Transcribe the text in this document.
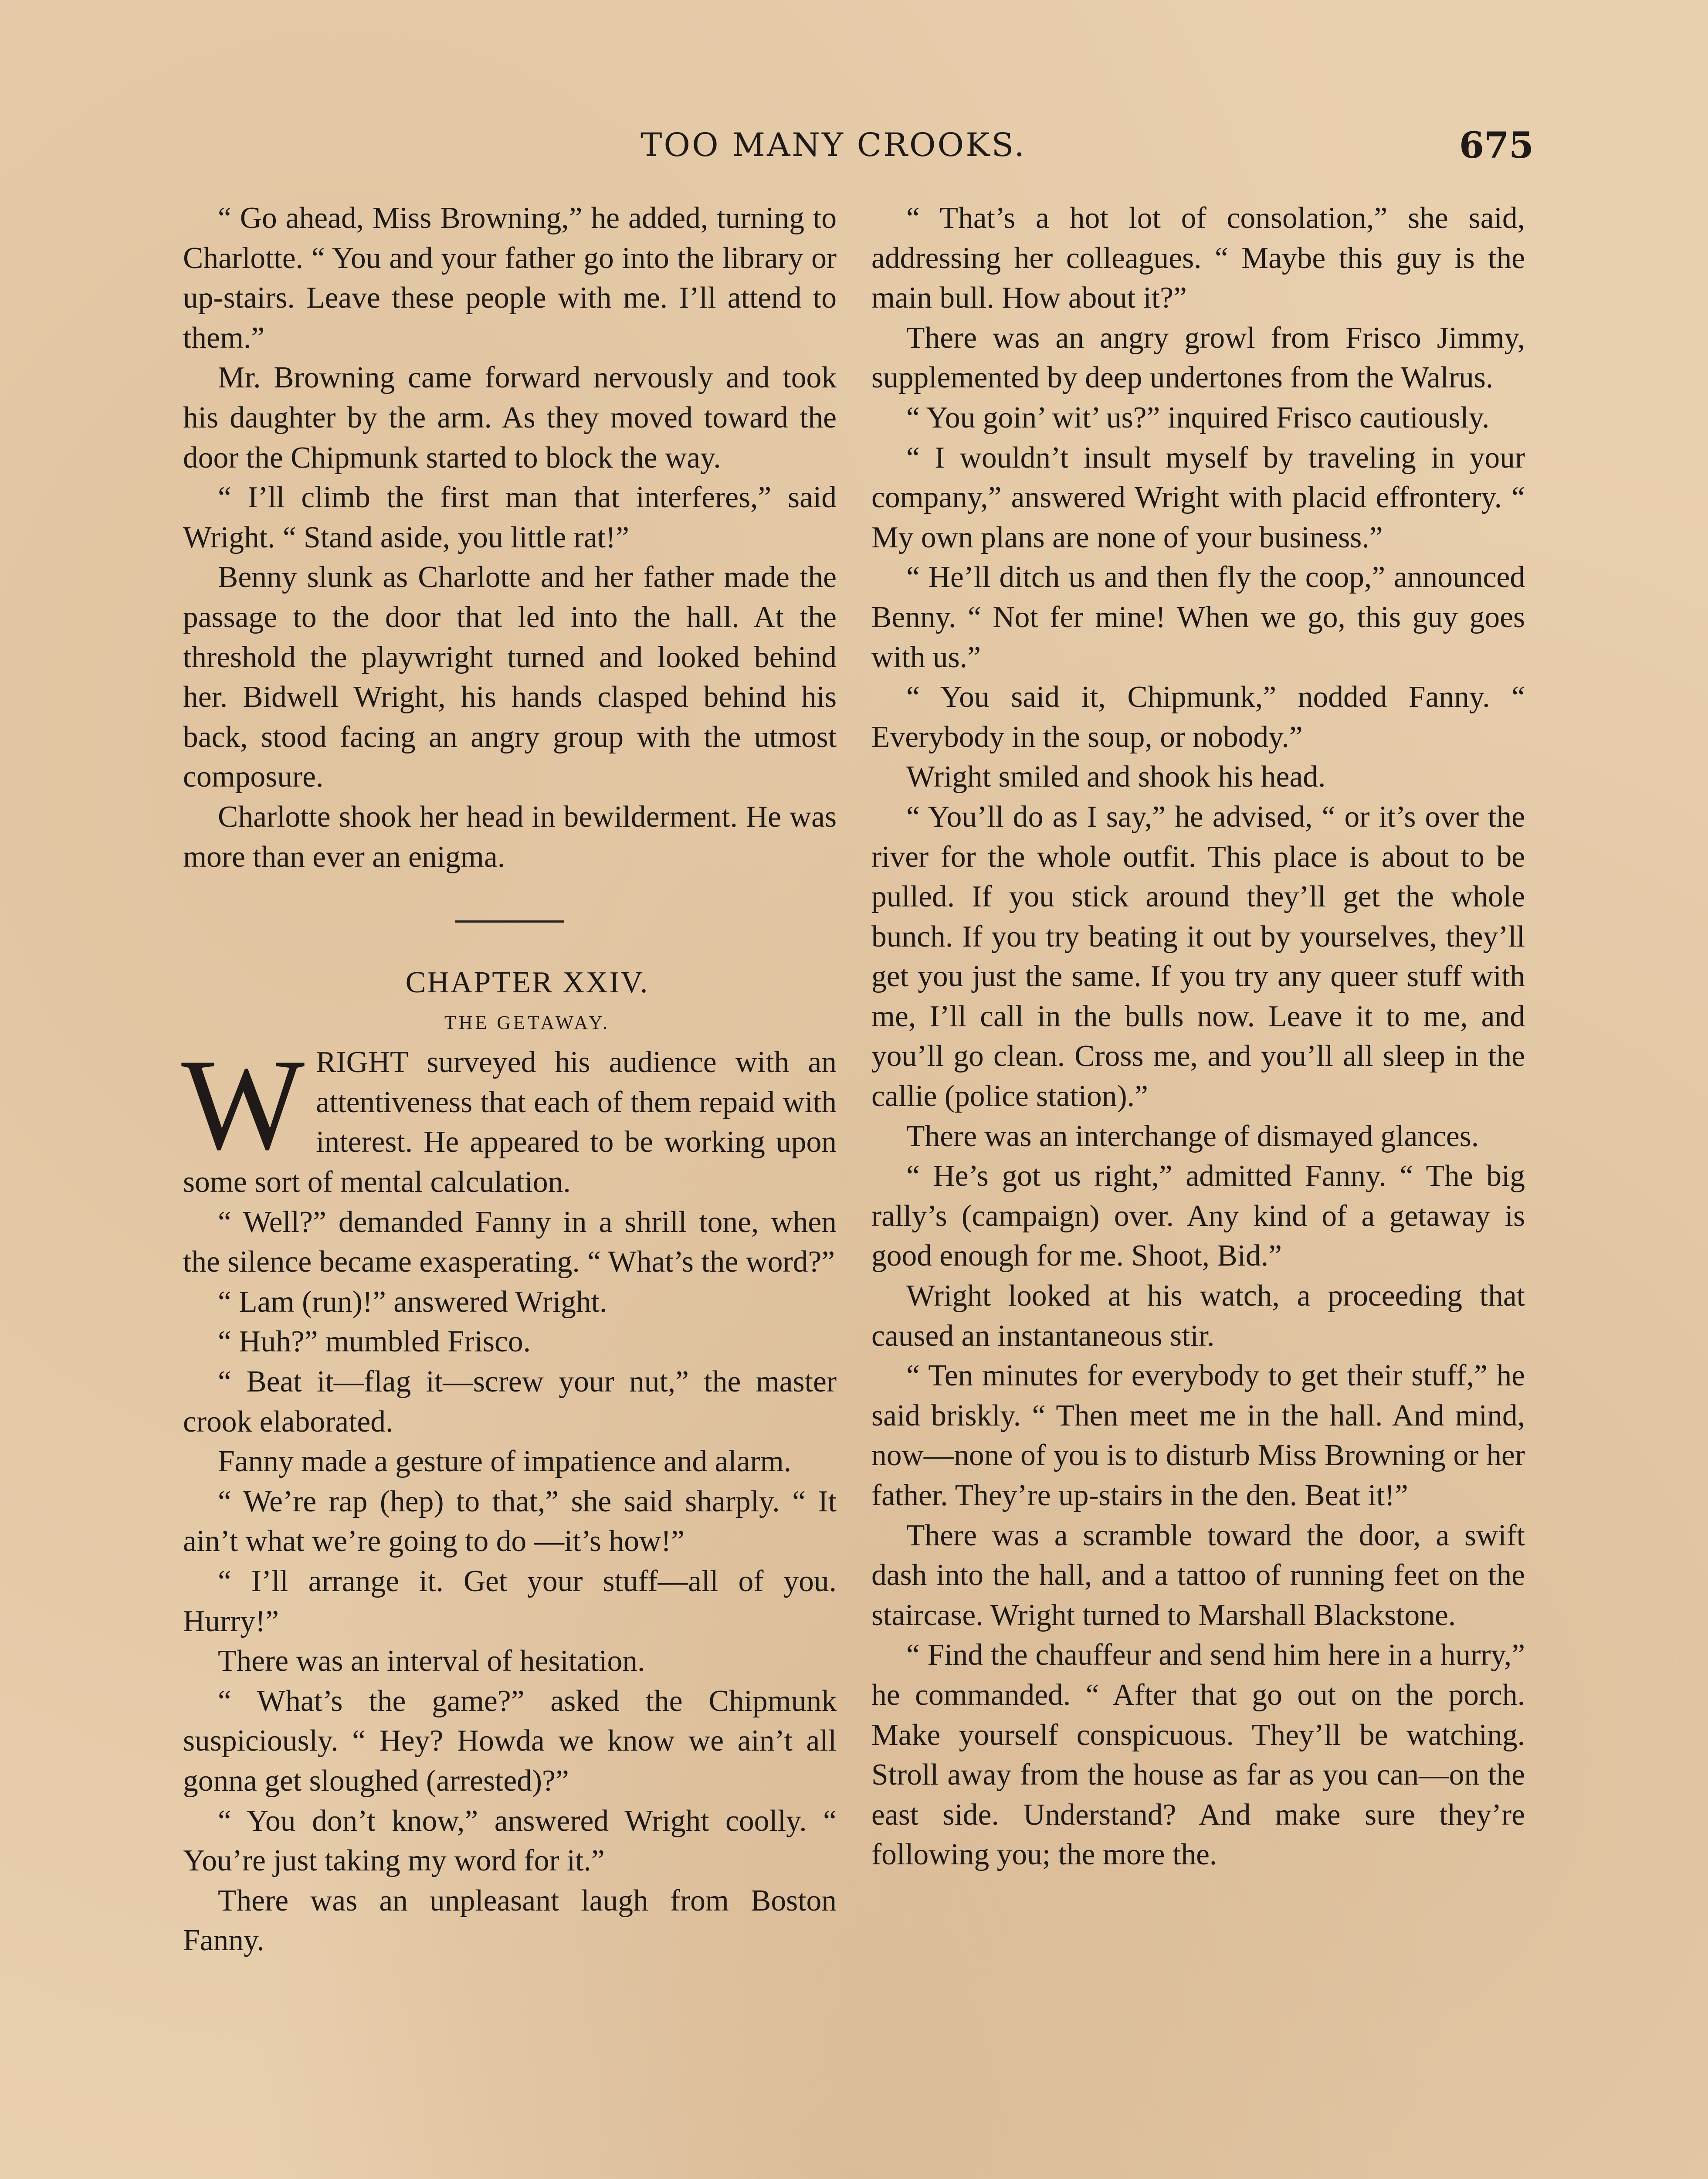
TOO MANY CROOKS.	675

“ Go ahead, Miss Browning,” he added, turning to Charlotte. “ You and your father go into the library or up-stairs. Leave these people with me. I’ll attend to them.”

Mr. Browning came forward nervously and took his daughter by the arm. As they moved toward the door the Chipmunk started to block the way.

“ I’ll climb the first man that interferes,” said Wright. “ Stand aside, you little rat!”

Benny slunk as Charlotte and her father made the passage to the door that led into the hall. At the threshold the playwright turned and looked behind her. Bidwell Wright, his hands clasped behind his back, stood facing an angry group with the utmost composure.

Charlotte shook her head in bewilderment. He was more than ever an enigma.

CHAPTER XXIV.

THE GETAWAY.

WRIGHT surveyed his audience with an attentiveness that each of them repaid with interest. He appeared to be working upon some sort of mental calculation.

“ Well?” demanded Fanny in a shrill tone, when the silence became exasperating. “ What’s the word?”

“ Lam (run)!” answered Wright.

“ Huh?” mumbled Frisco.

“ Beat it—flag it—screw your nut,” the master crook elaborated.

Fanny made a gesture of impatience and alarm.

“ We’re rap (hep) to that,” she said sharply. “ It ain’t what we’re going to do —it’s how!”

“ I’ll arrange it. Get your stuff—all of you. Hurry!”

There was an interval of hesitation.

“ What’s the game?” asked the Chipmunk suspiciously. “ Hey? Howda we know we ain’t all gonna get sloughed (arrested)?”

“ You don’t know,” answered Wright coolly. “ You’re just taking my word for it.”

There was an unpleasant laugh from Boston Fanny.

“ That’s a hot lot of consolation,” she said, addressing her colleagues. “ Maybe this guy is the main bull. How about it?”

There was an angry growl from Frisco Jimmy, supplemented by deep undertones from the Walrus.

“ You goin’ wit’ us?” inquired Frisco cautiously.

“ I wouldn’t insult myself by traveling in your company,” answered Wright with placid effrontery. “ My own plans are none of your business.”

“ He’ll ditch us and then fly the coop,” announced Benny. “ Not fer mine! When we go, this guy goes with us.”

“ You said it, Chipmunk,” nodded Fanny. “ Everybody in the soup, or nobody.”

Wright smiled and shook his head.

“ You’ll do as I say,” he advised, “ or it’s over the river for the whole outfit. This place is about to be pulled. If you stick around they’ll get the whole bunch. If you try beating it out by yourselves, they’ll get you just the same. If you try any queer stuff with me, I’ll call in the bulls now. Leave it to me, and you’ll go clean. Cross me, and you’ll all sleep in the callie (police station).”

There was an interchange of dismayed glances.

“ He’s got us right,” admitted Fanny. “ The big rally’s (campaign) over. Any kind of a getaway is good enough for me. Shoot, Bid.”

Wright looked at his watch, a proceeding that caused an instantaneous stir.

“ Ten minutes for everybody to get their stuff,” he said briskly. “ Then meet me in the hall. And mind, now—none of you is to disturb Miss Browning or her father. They’re up-stairs in the den. Beat it!”

There was a scramble toward the door, a swift dash into the hall, and a tattoo of running feet on the staircase. Wright turned to Marshall Blackstone.

“ Find the chauffeur and send him here in a hurry,” he commanded. “ After that go out on the porch. Make yourself conspicuous. They’ll be watching. Stroll away from the house as far as you can—on the east side. Understand? And make sure they’re following you; the more the.
